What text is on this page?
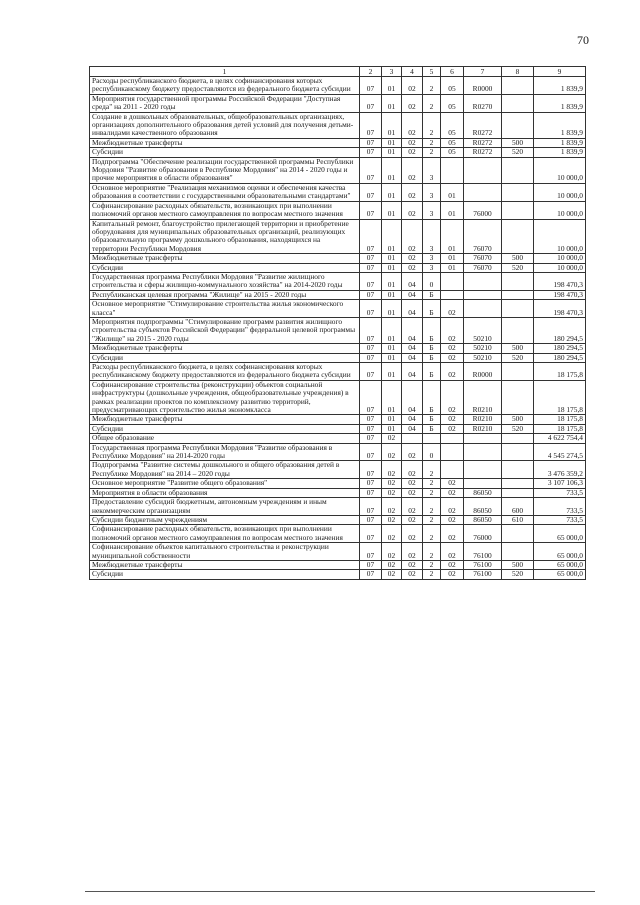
70
1	2	3	4	5	6	7	8	9
Расходы республиканского бюджета, в целях софинансирования которых республиканскому бюджету предоставляются из федерального бюджета субсидии	07	01	02	2	05	R0000		1 839,9
Мероприятия государственной программы Российской Федерации "Доступная среда" на 2011 - 2020 годы	07	01	02	2	05	R0270		1 839,9
Создание в дошкольных образовательных, общеобразовательных организациях, организациях дополнительного образования детей условий для получения детьми-инвалидами качественного образования	07	01	02	2	05	R0272		1 839,9
Межбюджетные трансферты	07	01	02	2	05	R0272	500	1 839,9
Субсидии	07	01	02	2	05	R0272	520	1 839,9
Подпрограмма "Обеспечение реализации государственной программы Республики Мордовия "Развитие образования в Республике Мордовия" на 2014 - 2020 годы и прочие мероприятия в области образования"	07	01	02	3				10 000,0
Основное мероприятие "Реализация механизмов оценки и обеспечения качества образования в соответствии с государственными образовательными стандартами"	07	01	02	3	01			10 000,0
Софинансирование расходных обязательств, возникающих при выполнении полномочий органов местного самоуправления по вопросам местного значения	07	01	02	3	01	76000		10 000,0
Капитальный ремонт, благоустройство прилегающей территории и приобретение оборудования для муниципальных образовательных организаций, реализующих образовательную программу дошкольного образования, находящихся на территории Республики Мордовия	07	01	02	3	01	76070		10 000,0
Межбюджетные трансферты	07	01	02	3	01	76070	500	10 000,0
Субсидии	07	01	02	3	01	76070	520	10 000,0
Государственная программа Республики Мордовия "Развитие жилищного строительства и сферы жилищно-коммунального хозяйства" на 2014-2020 годы	07	01	04	0				198 470,3
Республиканская целевая программа "Жилище" на 2015 - 2020 годы	07	01	04	Б				198 470,3
Основное мероприятие "Стимулирование строительства жилья экономического класса"	07	01	04	Б	02			198 470,3
Мероприятия подпрограммы "Стимулирование программ развития жилищного строительства субъектов Российской Федерации" федеральной целевой программы "Жилище" на 2015 - 2020 годы	07	01	04	Б	02	50210		180 294,5
Межбюджетные трансферты	07	01	04	Б	02	50210	500	180 294,5
Субсидии	07	01	04	Б	02	50210	520	180 294,5
Расходы республиканского бюджета, в целях софинансирования которых республиканскому бюджету предоставляются из федерального бюджета субсидии	07	01	04	Б	02	R0000		18 175,8
Софинансирование строительства (реконструкции) объектов социальной инфраструктуры (дошкольные учреждения, общеобразовательные учреждения) в рамках реализации проектов по комплексному развитию территорий, предусматривающих строительство жилья экономкласса	07	01	04	Б	02	R0210		18 175,8
Межбюджетные трансферты	07	01	04	Б	02	R0210	500	18 175,8
Субсидии	07	01	04	Б	02	R0210	520	18 175,8
Общее образование	07	02						4 622 754,4
Государственная программа Республики Мордовия "Развитие образования в Республике Мордовия" на 2014-2020 годы	07	02	02	0				4 545 274,5
Подпрограмма "Развитие системы дошкольного и общего образования детей в Республике Мордовия" на 2014 – 2020 годы	07	02	02	2				3 476 359,2
Основное мероприятие "Развитие общего образования"	07	02	02	2	02			3 107 106,3
Мероприятия в области образования	07	02	02	2	02	86050		733,5
Предоставление субсидий бюджетным, автономным учреждениям и иным некоммерческим организациям	07	02	02	2	02	86050	600	733,5
Субсидии бюджетным учреждениям	07	02	02	2	02	86050	610	733,5
Софинансирование расходных обязательств, возникающих при выполнении полномочий органов местного самоуправления по вопросам местного значения	07	02	02	2	02	76000		65 000,0
Софинансирование объектов капитального строительства и реконструкции муниципальной собственности	07	02	02	2	02	76100		65 000,0
Межбюджетные трансферты	07	02	02	2	02	76100	500	65 000,0
Субсидии	07	02	02	2	02	76100	520	65 000,0
